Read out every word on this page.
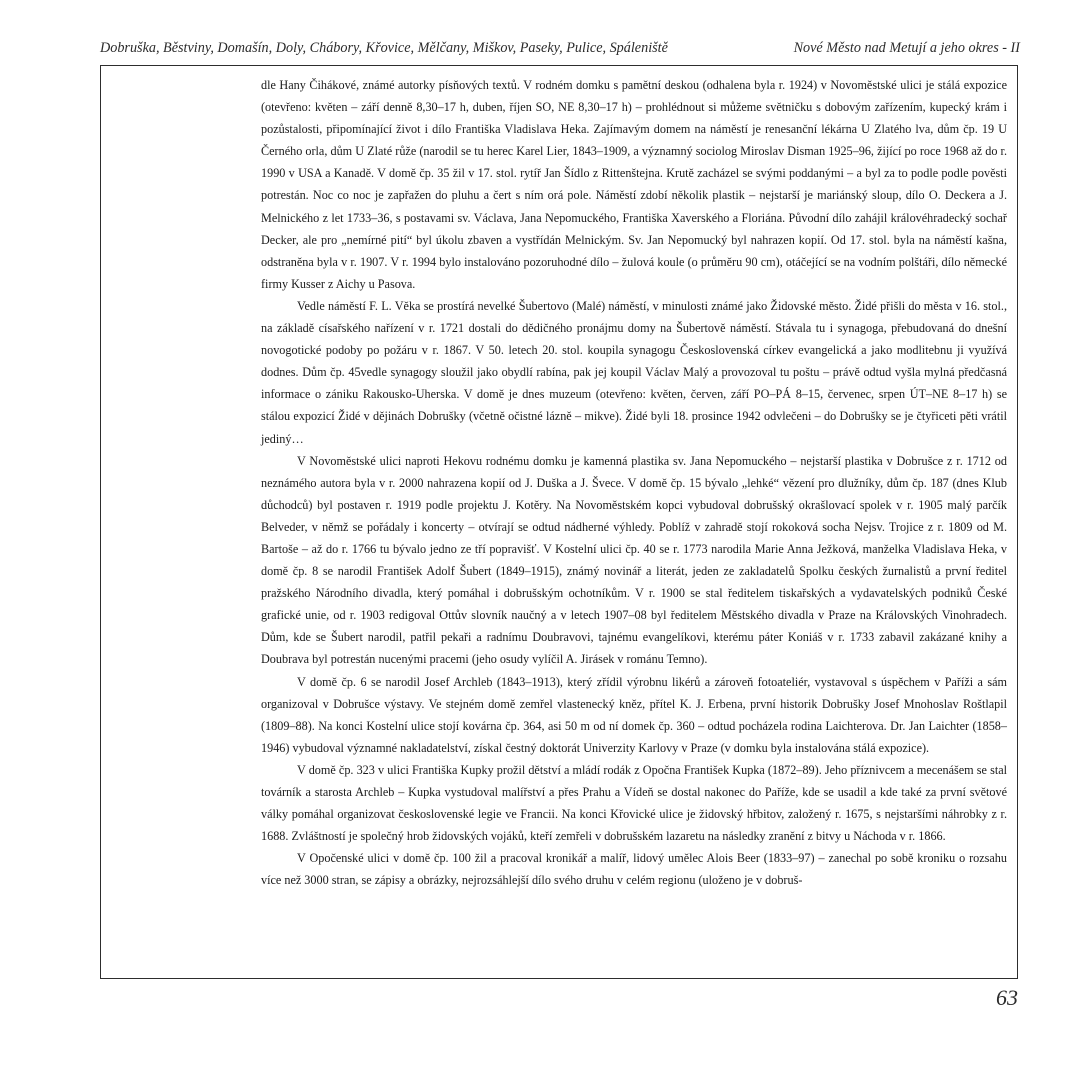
Dobruška, Běstviny, Domašín, Doly, Chábory, Křovice, Mělčany, Miškov, Paseky, Pulice, Spáleniště	Nové Město nad Metují a jeho okres - II

dle Hany Čihákové, známé autorky písňových textů. V rodném domku s pamětní deskou (odhalena byla r. 1924) v Novoměstské ulici je stálá expozice (otevřeno: květen – září denně 8,30–17 h, duben, říjen SO, NE 8,30–17 h) – prohlédnout si můžeme světničku s dobovým zařízením, kupecký krám i pozůstalosti, připomínající život i dílo Františka Vladislava Heka. Zajímavým domem na náměstí je renesanční lékárna U Zlatého lva, dům čp. 19 U Černého orla, dům U Zlaté růže (narodil se tu herec Karel Lier, 1843–1909, a významný sociolog Miroslav Disman 1925–96, žijící po roce 1968 až do r. 1990 v USA a Kanadě. V domě čp. 35 žil v 17. stol. rytíř Jan Šídlo z Rittenštejna. Krutě zacházel se svými poddanými – a byl za to podle podle pověsti potrestán. Noc co noc je zapřažen do pluhu a čert s ním orá pole. Náměstí zdobí několik plastik – nejstarší je mariánský sloup, dílo O. Deckera a J. Melnického z let 1733–36, s postavami sv. Václava, Jana Nepomuckého, Františka Xaverského a Floriána. Původní dílo zahájil královéhradecký sochař Decker, ale pro „nemírné pití“ byl úkolu zbaven a vystřídán Melnickým. Sv. Jan Nepomucký byl nahrazen kopií. Od 17. stol. byla na náměstí kašna, odstraněna byla v r. 1907. V r. 1994 bylo instalováno pozoruhodné dílo – žulová koule (o průměru 90 cm), otáčející se na vodním polštáři, dílo německé firmy Kusser z Aichy u Pasova.

Vedle náměstí F. L. Věka se prostírá nevelké Šubertovo (Malé) náměstí, v minulosti známé jako Židovské město. Židé přišli do města v 16. stol., na základě císařského nařízení v r. 1721 dostali do dědičného pronájmu domy na Šubertově náměstí. Stávala tu i synagoga, přebudovaná do dnešní novogotické podoby po požáru v r. 1867. V 50. letech 20. stol. koupila synagogu Československá církev evangelická a jako modlitebnu ji využívá dodnes. Dům čp. 45vedle synagogy sloužil jako obydlí rabína, pak jej koupil Václav Malý a provozoval tu poštu – právě odtud vyšla mylná předčasná informace o zániku Rakousko-Uherska. V domě je dnes muzeum (otevřeno: květen, červen, září PO–PÁ 8–15, červenec, srpen ÚT–NE 8–17 h) se stálou expozicí Židé v dějinách Dobrušky (včetně očistné lázně – mikve). Židé byli 18. prosince 1942 odvlečeni – do Dobrušky se je čtyřiceti pěti vrátil jediný…

V Novoměstské ulici naproti Hekovu rodnému domku je kamenná plastika sv. Jana Nepomuckého – nejstarší plastika v Dobrušce z r. 1712 od neznámého autora byla v r. 2000 nahrazena kopií od J. Duška a J. Švece. V domě čp. 15 bývalo „lehké“ vězení pro dlužníky, dům čp. 187 (dnes Klub důchodců) byl postaven r. 1919 podle projektu J. Kotěry. Na Novoměstském kopci vybudoval dobrušský okrašlovací spolek v r. 1905 malý parčík Belveder, v němž se pořádaly i koncerty – otvírají se odtud nádherné výhledy. Poblíž v zahradě stojí rokoková socha Nejsv. Trojice z r. 1809 od M. Bartoše – až do r. 1766 tu bývalo jedno ze tří popravišť. V Kostelní ulici čp. 40 se r. 1773 narodila Marie Anna Ježková, manželka Vladislava Heka, v domě čp. 8 se narodil František Adolf Šubert (1849–1915), známý novinář a literát, jeden ze zakladatelů Spolku českých žurnalistů a první ředitel pražského Národního divadla, který pomáhal i dobrušským ochotníkům. V r. 1900 se stal ředitelem tiskařských a vydavatelských podniků České grafické unie, od r. 1903 redigoval Ottův slovník naučný a v letech 1907–08 byl ředitelem Městského divadla v Praze na Královských Vinohradech. Dům, kde se Šubert narodil, patřil pekaři a radnímu Doubravovi, tajnému evangelíkovi, kterému páter Koniáš v r. 1733 zabavil zakázané knihy a Doubrava byl potrestán nucenými pracemi (jeho osudy vylíčil A. Jirásek v románu Temno).

V domě čp. 6 se narodil Josef Archleb (1843–1913), který zřídil výrobnu likérů a zároveň fotoateliér, vystavoval s úspěchem v Paříži a sám organizoval v Dobrušce výstavy. Ve stejném domě zemřel vlastenecký kněz, přítel K. J. Erbena, první historik Dobrušky Josef Mnohoslav Roštlapil (1809–88). Na konci Kostelní ulice stojí kovárna čp. 364, asi 50 m od ní domek čp. 360 – odtud pocházela rodina Laichterova. Dr. Jan Laichter (1858–1946) vybudoval významné nakladatelství, získal čestný doktorát Univerzity Karlovy v Praze (v domku byla instalována stálá expozice).

V domě čp. 323 v ulici Františka Kupky prožil dětství a mládí rodák z Opočna František Kupka (1872–89). Jeho příznivcem a mecenášem se stal továrník a starosta Archleb – Kupka vystudoval malířství a přes Prahu a Vídeň se dostal nakonec do Paříže, kde se usadil a kde také za první světové války pomáhal organizovat československé legie ve Francii. Na konci Křovické ulice je židovský hřbitov, založený r. 1675, s nejstaršími náhrobky z r. 1688. Zvláštností je společný hrob židovských vojáků, kteří zemřeli v dobrušském lazaretu na následky zranění z bitvy u Náchoda v r. 1866.

V Opočenské ulici v domě čp. 100 žil a pracoval kronikář a malíř, lidový umělec Alois Beer (1833–97) – zanechal po sobě kroniku o rozsahu více než 3000 stran, se zápisy a obrázky, nejrozsáhlejší dílo svého druhu v celém regionu (uloženo je v dobruš-

63
